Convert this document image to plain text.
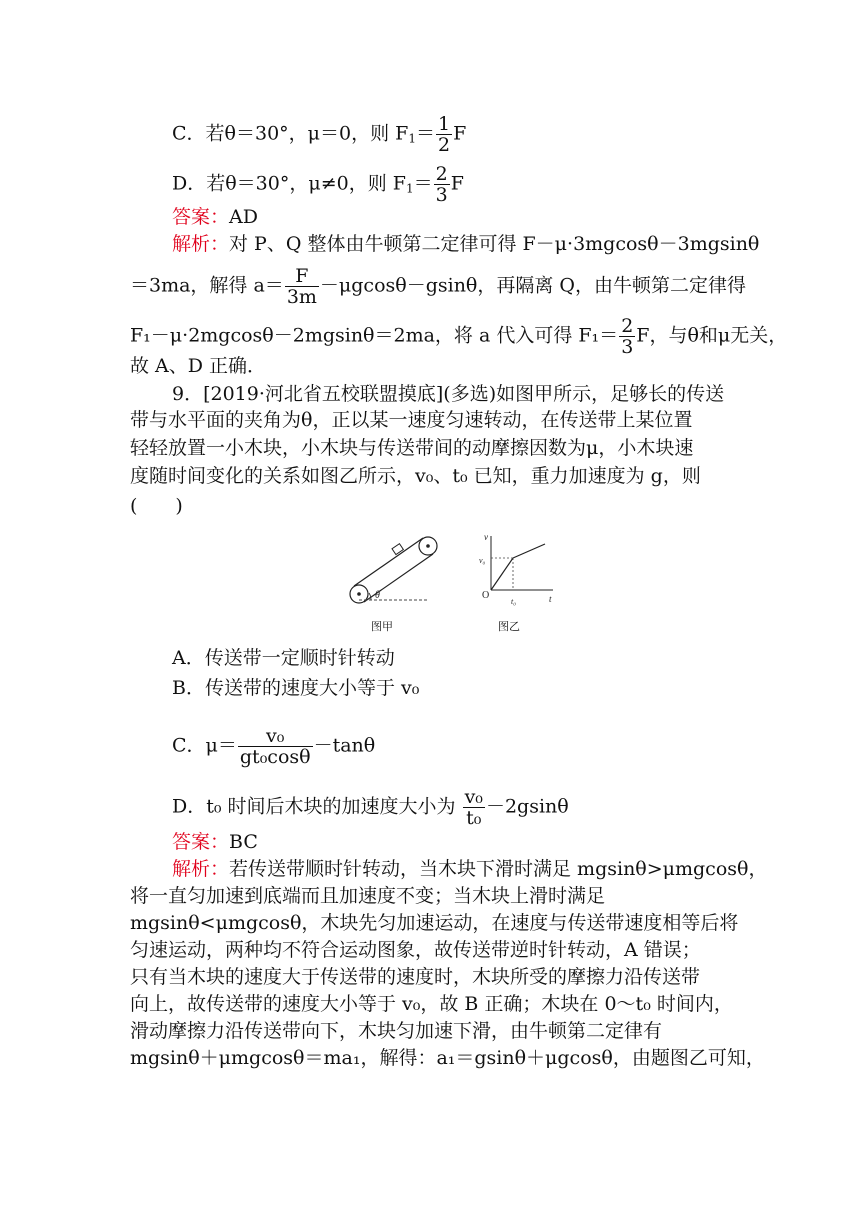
C．若θ＝30°，μ＝0，则 $F_1= \frac{1}{2}$ F
D．若θ＝30°，μ≠0，则 $F_1= \frac{2}{3}$ F
答案：AD
解析：对 P、Q 整体由牛顿第二定律可得 F－μ·3mgcosθ－3mgsinθ
＝3ma，解得 $a= \frac{F}{3m} -\mu gcos\theta-gsin\theta$，再隔离 Q，由牛顿第二定律得
F₁－μ·2mgcosθ－2mgsinθ＝2ma，将 a 代入可得 $F_1= \frac{2}{3}$ F，与θ和μ无关，
故 A、D 正确．
9．[2019·河北省五校联盟摸底](多选)如图甲所示，足够长的传送
带与水平面的夹角为θ，正以某一速度匀速转动，在传送带上某位置
轻轻放置一小木块，小木块与传送带间的动摩擦因数为μ，小木块速
度随时间变化的关系如图乙所示，v₀、t₀ 已知，重力加速度为 g，则
(　　)
θ
v
v₀
O
t₀	t
图甲	图乙
A．传送带一定顺时针转动
B．传送带的速度大小等于 v₀
C．$\mu= \frac{\text{v₀}}{\text{gt₀cosθ}} -\tan\theta$
D．t₀ 时间后木块的加速度大小为 $\frac{\text{v₀}}{\text{t₀}} -2gsin\theta$
答案：BC
解析：若传送带顺时针转动，当木块下滑时满足 mgsinθ>μmgcosθ，
将一直匀加速到底端而且加速度不变；当木块上滑时满足
mgsinθ<μmgcosθ，木块先匀加速运动，在速度与传送带速度相等后将
匀速运动，两种均不符合运动图象，故传送带逆时针转动，A 错误；
只有当木块的速度大于传送带的速度时，木块所受的摩擦力沿传送带
向上，故传送带的速度大小等于 v₀，故 B 正确；木块在 0～t₀ 时间内，
滑动摩擦力沿传送带向下，木块匀加速下滑，由牛顿第二定律有
mgsinθ＋μmgcosθ＝ma₁，解得：a₁＝gsinθ＋μgcosθ，由题图乙可知，
